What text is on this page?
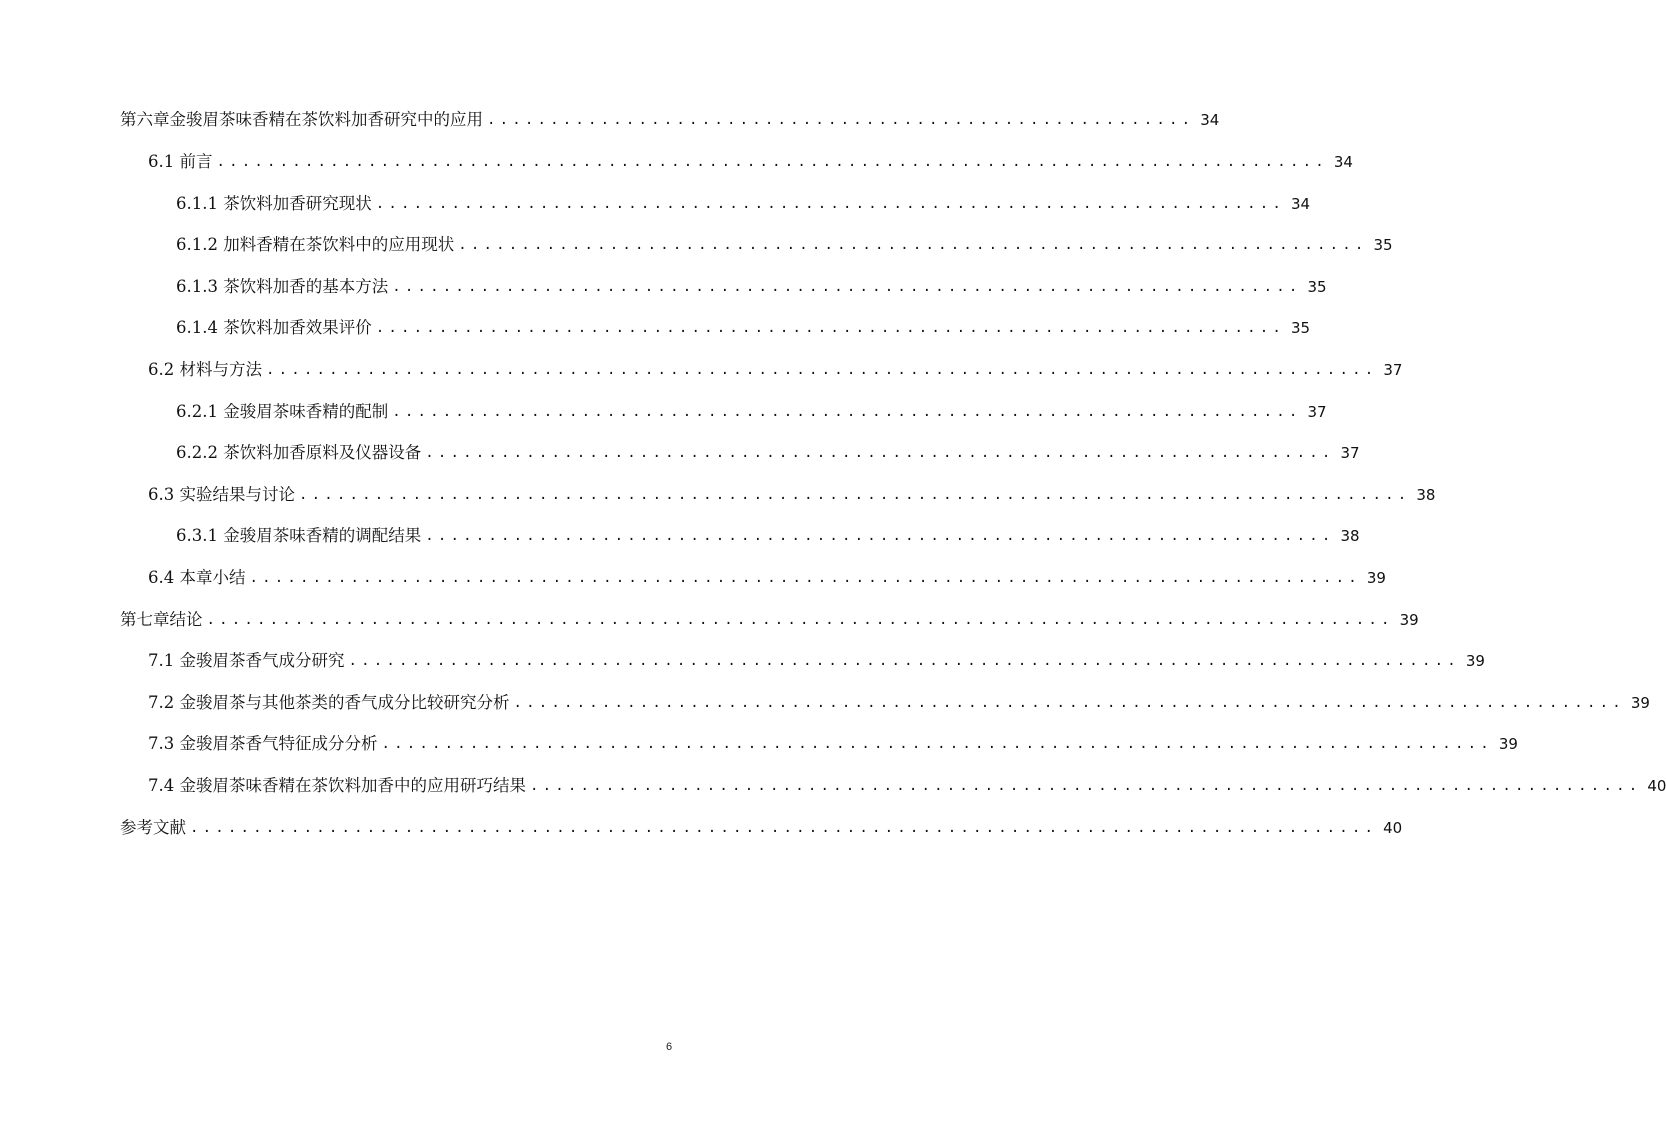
第六章金骏眉茶味香精在茶饮料加香研究中的应用 ........................................................ 34
6.1 前言 ........................................................................................ 34
6.1.1 茶饮料加香研究现状 ........................................................................ 34
6.1.2 加料香精在茶饮料中的应用现状 ........................................................................ 35
6.1.3 茶饮料加香的基本方法 ........................................................................ 35
6.1.4 茶饮料加香效果评价 ........................................................................ 35
6.2 材料与方法 ........................................................................................ 37
6.2.1 金骏眉茶味香精的配制 ........................................................................ 37
6.2.2 茶饮料加香原料及仪器设备 ........................................................................ 37
6.3 实验结果与讨论 ........................................................................................ 38
6.3.1 金骏眉茶味香精的调配结果 ........................................................................ 38
6.4 本章小结 ........................................................................................ 39
第七章结论 .............................................................................................. 39
7.1 金骏眉茶香气成分研究 ........................................................................................ 39
7.2 金骏眉茶与其他茶类的香气成分比较研究分析 ........................................................................................ 39
7.3 金骏眉茶香气特征成分分析 ........................................................................................ 39
7.4 金骏眉茶味香精在茶饮料加香中的应用研巧结果 ........................................................................................ 40
参考文献 .............................................................................................. 40
6
